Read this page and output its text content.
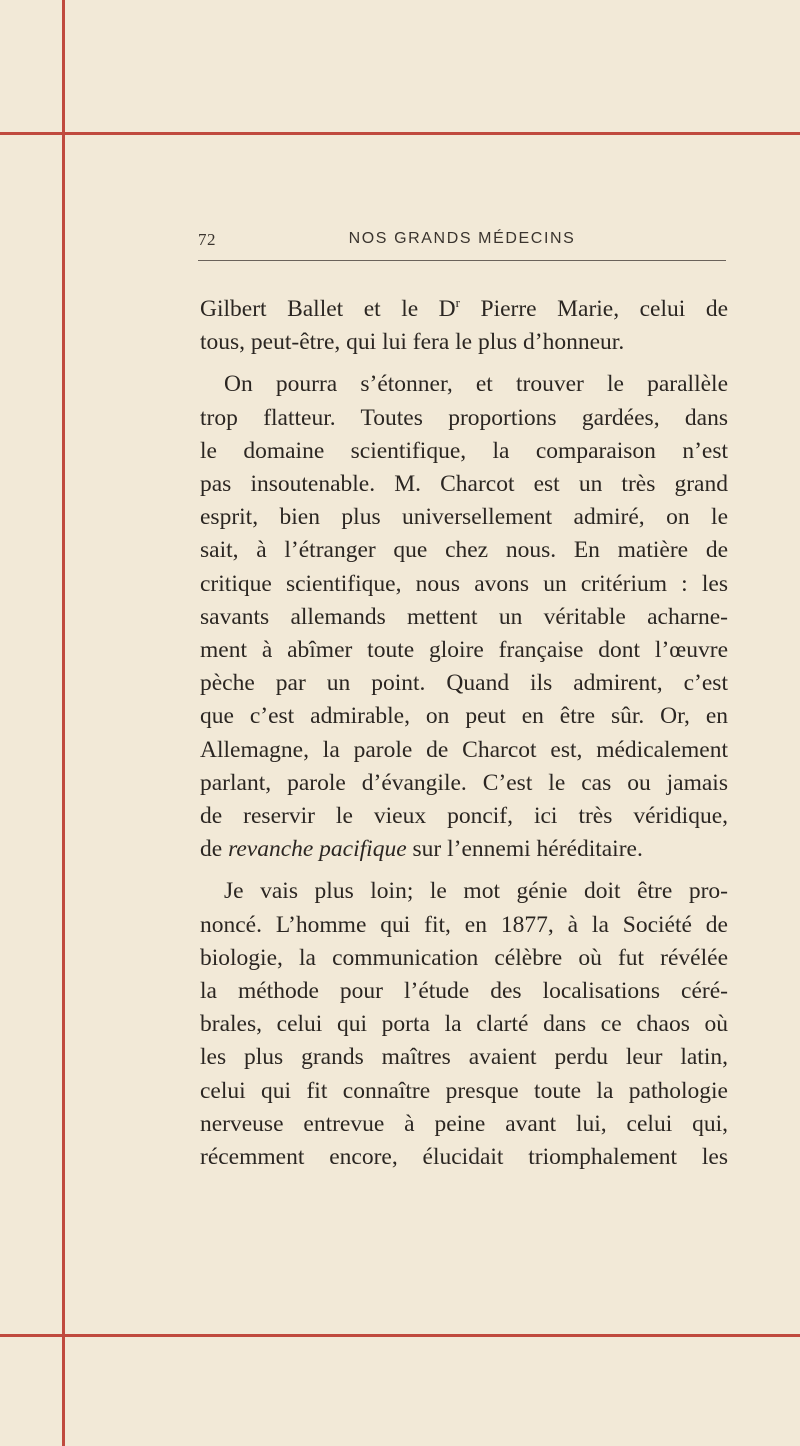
72	NOS GRANDS MÉDECINS

Gilbert Ballet et le $D^r$ Pierre Marie, celui de
tous, peut-être, qui lui fera le plus d’honneur.

On pourra s’étonner, et trouver le parallèle
trop flatteur. Toutes proportions gardées, dans
le domaine scientifique, la comparaison n’est
pas insoutenable. M. Charcot est un très grand
esprit, bien plus universellement admiré, on le
sait, à l’étranger que chez nous. En matière de
critique scientifique, nous avons un critérium : les
savants allemands mettent un véritable acharne-
ment à abîmer toute gloire française dont l’œuvre
pèche par un point. Quand ils admirent, c’est
que c’est admirable, on peut en être sûr. Or, en
Allemagne, la parole de Charcot est, médicalement
parlant, parole d’évangile. C’est le cas ou jamais
de reservir le vieux poncif, ici très véridique,
de revanche pacifique sur l’ennemi héréditaire.

Je vais plus loin; le mot génie doit être pro-
noncé. L’homme qui fit, en 1877, à la Société de
biologie, la communication célèbre où fut révélée
la méthode pour l’étude des localisations céré-
brales, celui qui porta la clarté dans ce chaos où
les plus grands maîtres avaient perdu leur latin,
celui qui fit connaître presque toute la pathologie
nerveuse entrevue à peine avant lui, celui qui,
récemment encore, élucidait triomphalement les
